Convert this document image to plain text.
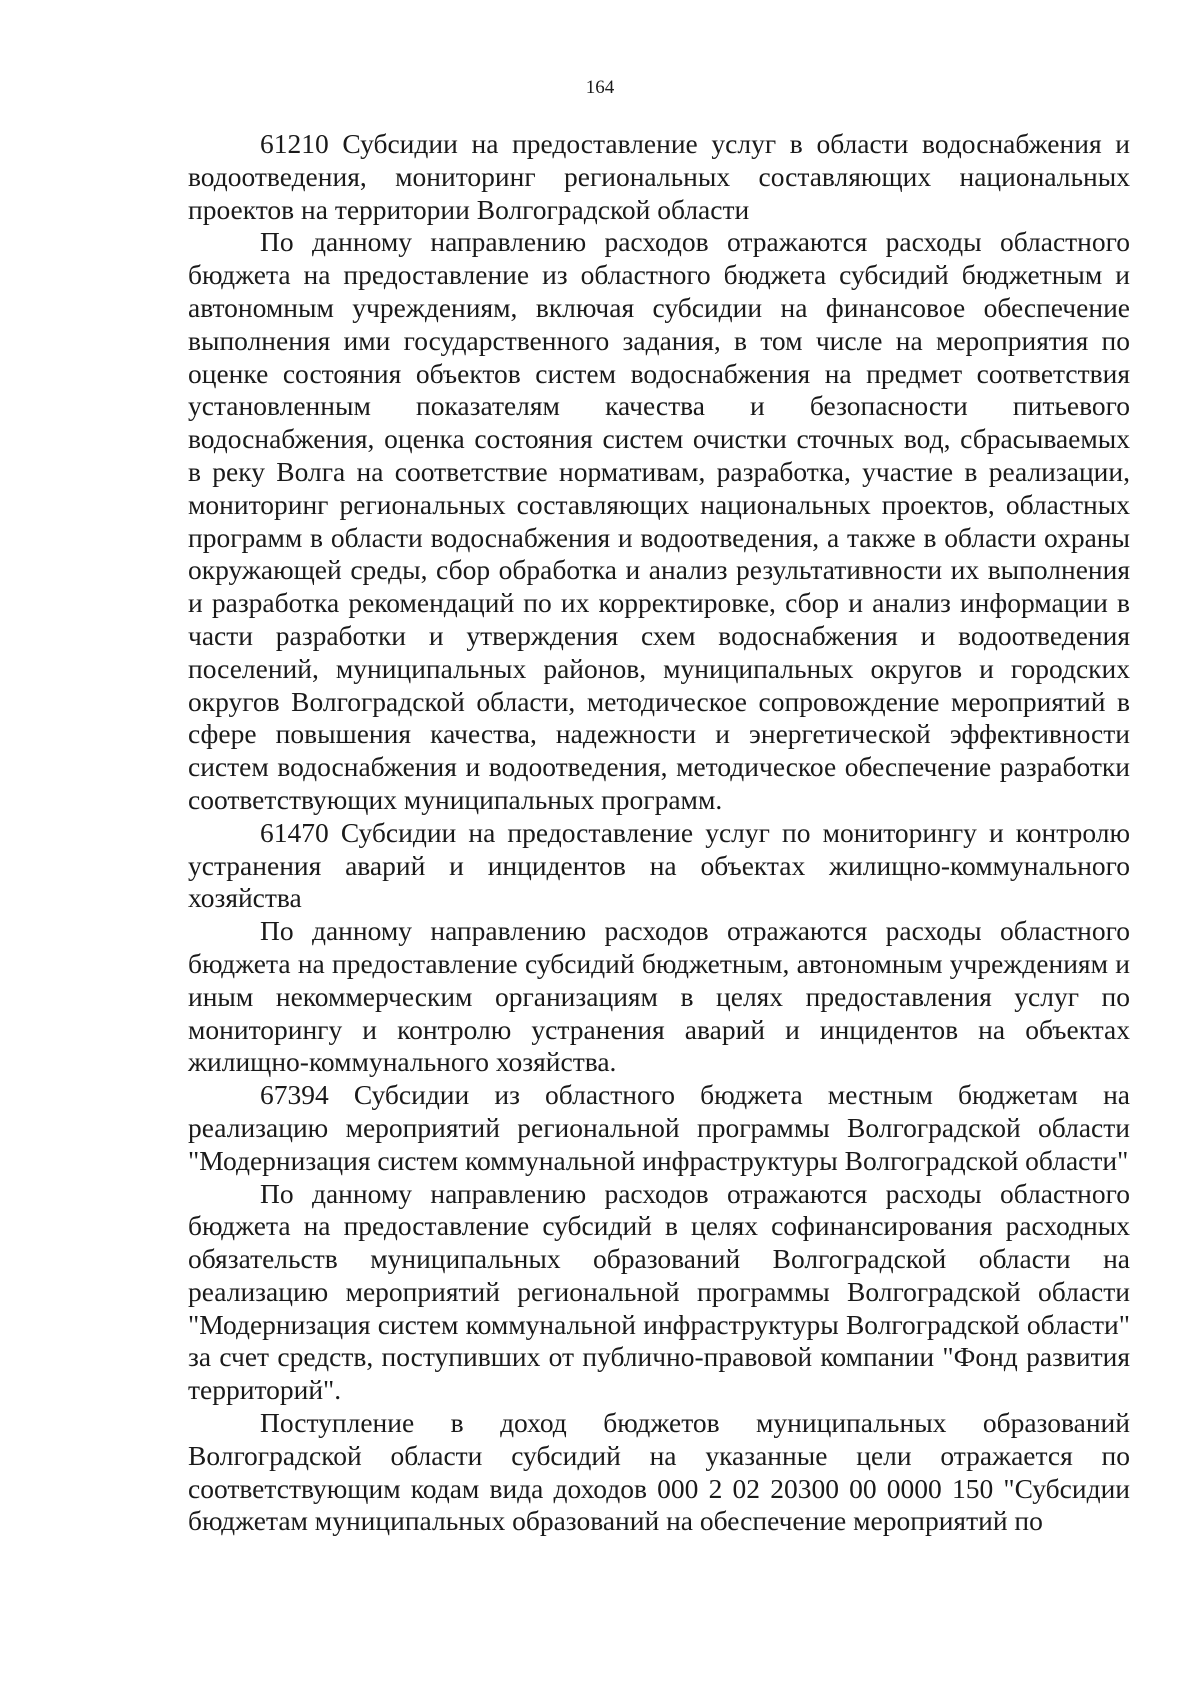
164

61210 Субсидии на предоставление услуг в области водоснабжения и водоотведения, мониторинг региональных составляющих национальных проектов на территории Волгоградской области

По данному направлению расходов отражаются расходы областного бюджета на предоставление из областного бюджета субсидий бюджетным и автономным учреждениям, включая субсидии на финансовое обеспечение выполнения ими государственного задания, в том числе на мероприятия по оценке состояния объектов систем водоснабжения на предмет соответствия установленным показателям качества и безопасности питьевого водоснабжения, оценка состояния систем очистки сточных вод, сбрасываемых в реку Волга на соответствие нормативам, разработка, участие в реализации, мониторинг региональных составляющих национальных проектов, областных программ в области водоснабжения и водоотведения, а также в области охраны окружающей среды, сбор обработка и анализ результативности их выполнения и разработка рекомендаций по их корректировке, сбор и анализ информации в части разработки и утверждения схем водоснабжения и водоотведения поселений, муниципальных районов, муниципальных округов и городских округов Волгоградской области, методическое сопровождение мероприятий в сфере повышения качества, надежности и энергетической эффективности систем водоснабжения и водоотведения, методическое обеспечение разработки соответствующих муниципальных программ.

61470 Субсидии на предоставление услуг по мониторингу и контролю устранения аварий и инцидентов на объектах жилищно-коммунального хозяйства

По данному направлению расходов отражаются расходы областного бюджета на предоставление субсидий бюджетным, автономным учреждениям и иным некоммерческим организациям в целях предоставления услуг по мониторингу и контролю устранения аварий и инцидентов на объектах жилищно-коммунального хозяйства.

67394 Субсидии из областного бюджета местным бюджетам на реализацию мероприятий региональной программы Волгоградской области "Модернизация систем коммунальной инфраструктуры Волгоградской области"

По данному направлению расходов отражаются расходы областного бюджета на предоставление субсидий в целях софинансирования расходных обязательств муниципальных образований Волгоградской области на реализацию мероприятий региональной программы Волгоградской области "Модернизация систем коммунальной инфраструктуры Волгоградской области" за счет средств, поступивших от публично-правовой компании "Фонд развития территорий".

Поступление в доход бюджетов муниципальных образований Волгоградской области субсидий на указанные цели отражается по соответствующим кодам вида доходов 000 2 02 20300 00 0000 150 "Субсидии бюджетам муниципальных образований на обеспечение мероприятий по
